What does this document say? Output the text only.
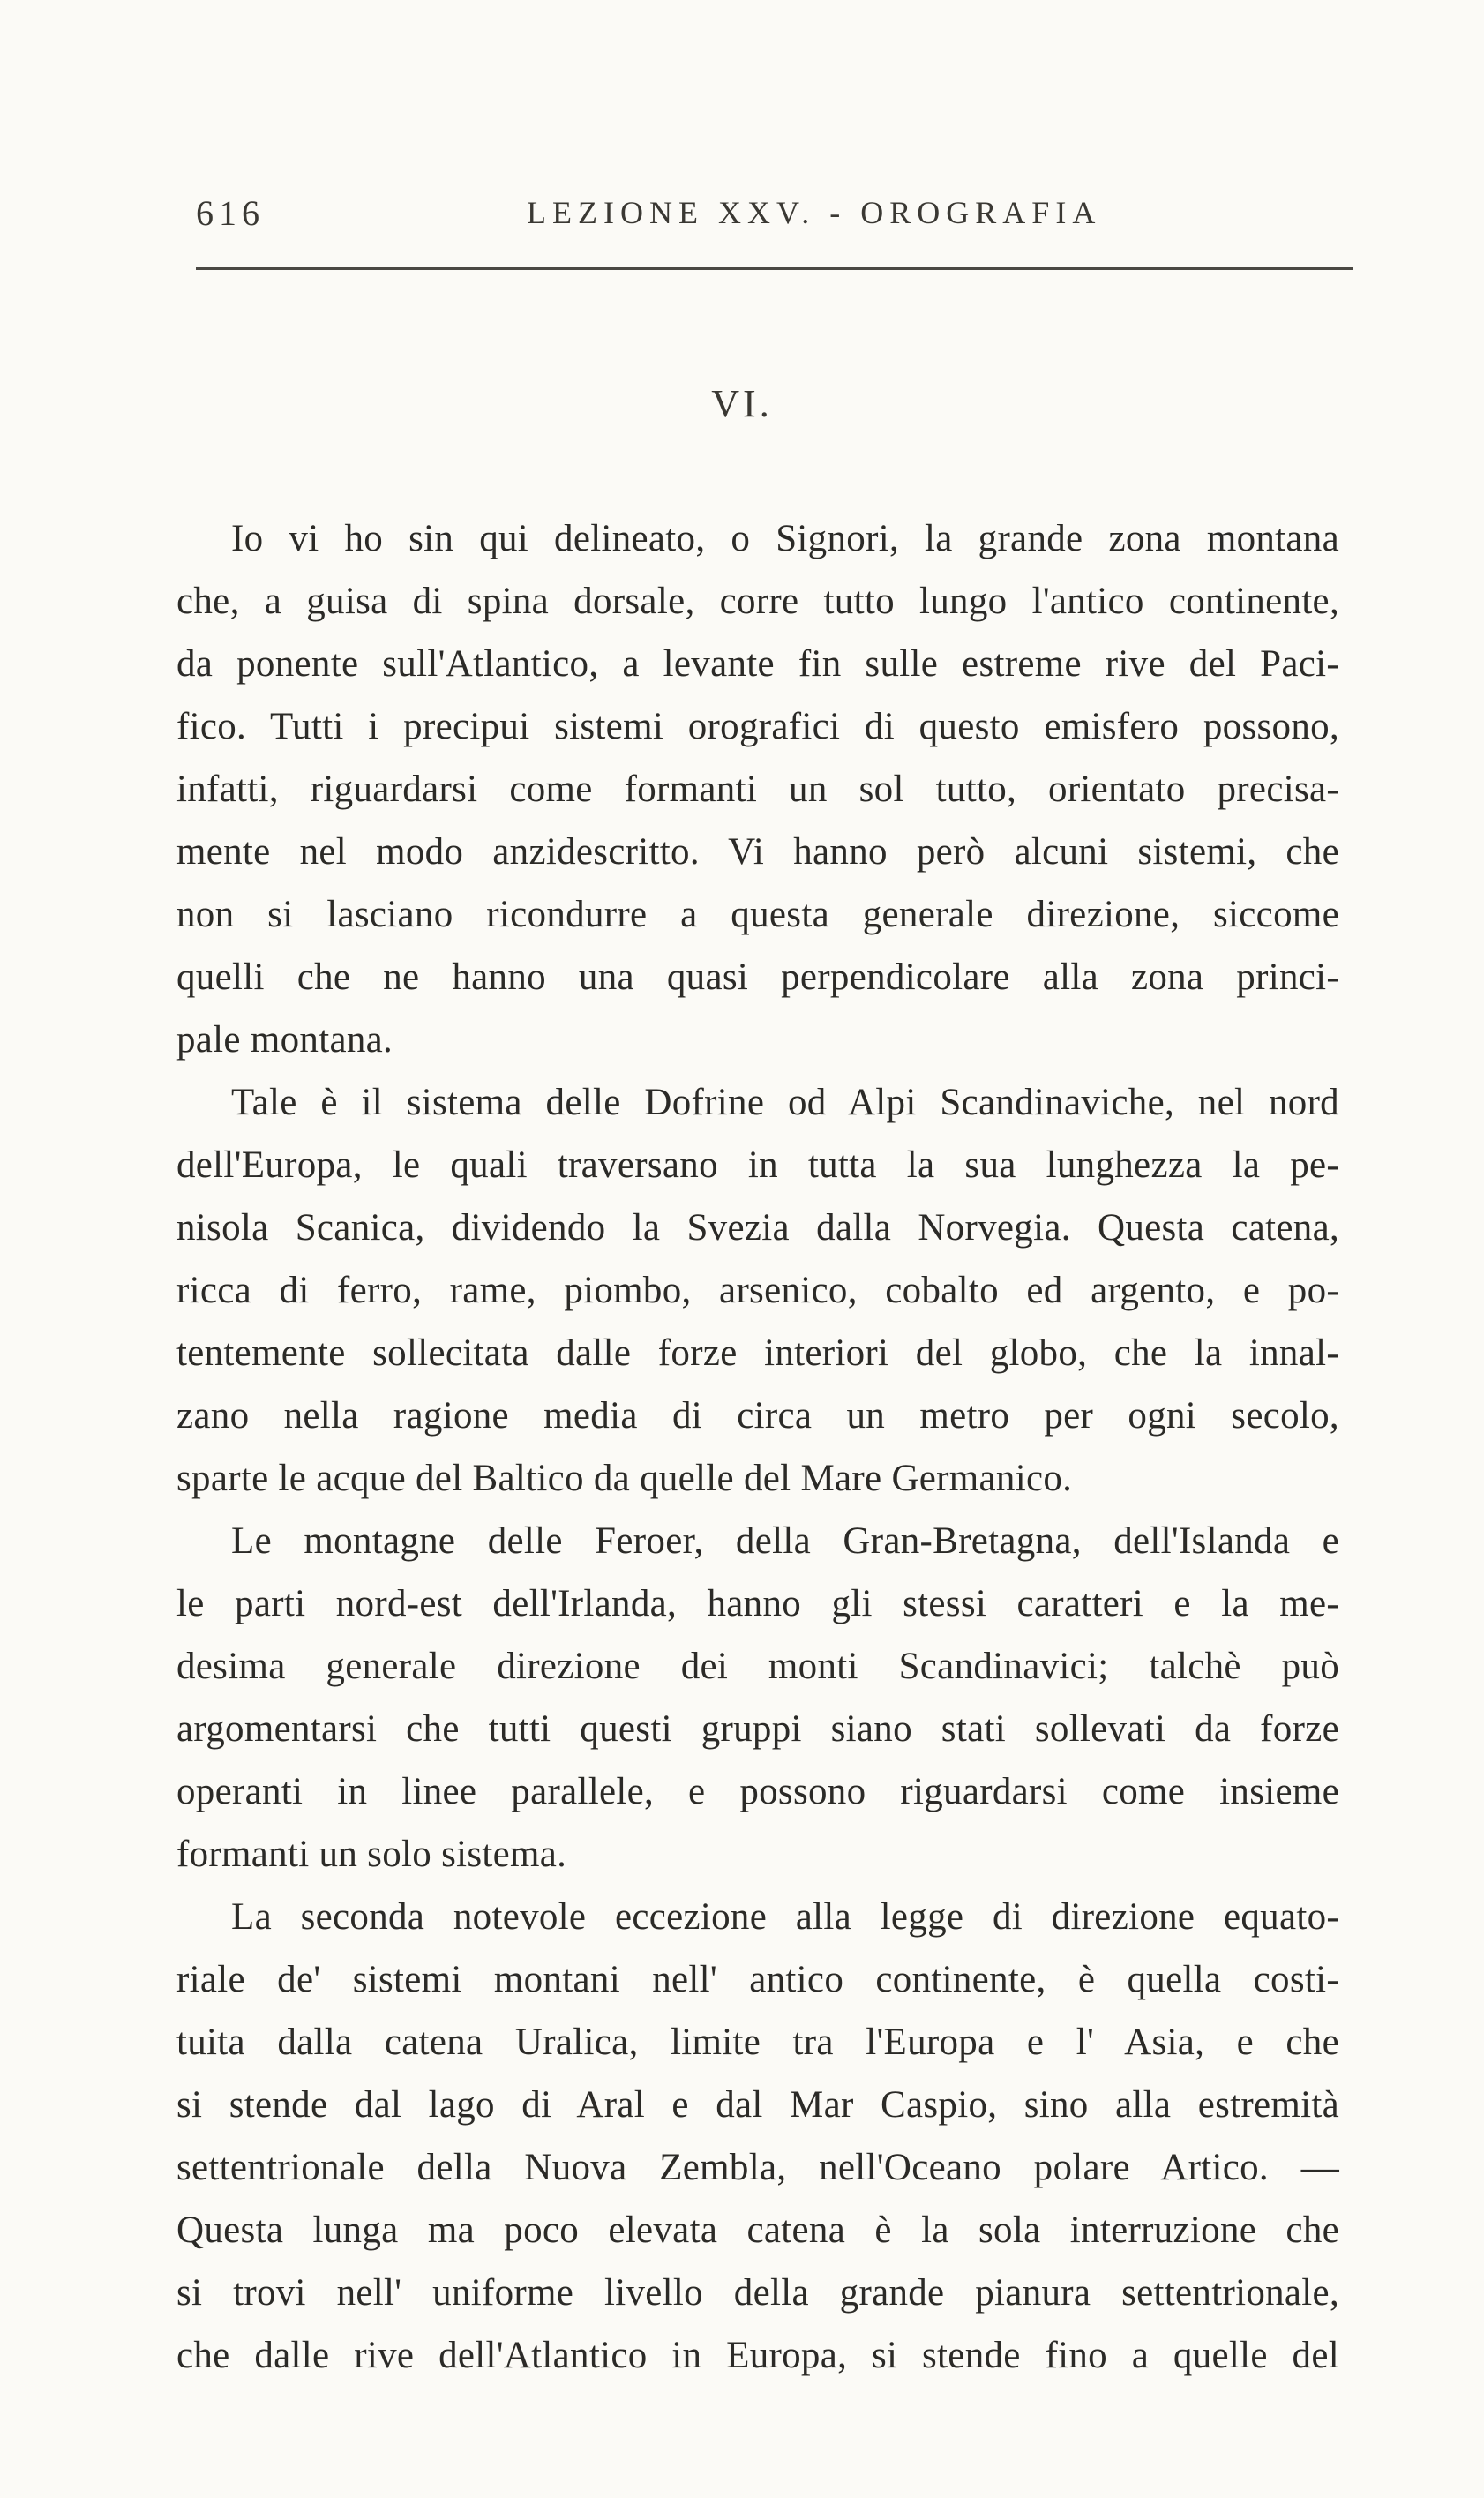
616	LEZIONE XXV. - OROGRAFIA
VI.
Io vi ho sin qui delineato, o Signori, la grande zona montana
che, a guisa di spina dorsale, corre tutto lungo l'antico continente,
da ponente sull'Atlantico, a levante fin sulle estreme rive del Paci-
fico. Tutti i precipui sistemi orografici di questo emisfero possono,
infatti, riguardarsi come formanti un sol tutto, orientato precisa-
mente nel modo anzidescritto. Vi hanno però alcuni sistemi, che
non si lasciano ricondurre a questa generale direzione, siccome
quelli che ne hanno una quasi perpendicolare alla zona princi-
pale montana.
Tale è il sistema delle Dofrine od Alpi Scandinaviche, nel nord
dell'Europa, le quali traversano in tutta la sua lunghezza la pe-
nisola Scanica, dividendo la Svezia dalla Norvegia. Questa catena,
ricca di ferro, rame, piombo, arsenico, cobalto ed argento, e po-
tentemente sollecitata dalle forze interiori del globo, che la innal-
zano nella ragione media di circa un metro per ogni secolo,
sparte le acque del Baltico da quelle del Mare Germanico.
Le montagne delle Feroer, della Gran-Bretagna, dell'Islanda e
le parti nord-est dell'Irlanda, hanno gli stessi caratteri e la me-
desima generale direzione dei monti Scandinavici; talchè può
argomentarsi che tutti questi gruppi siano stati sollevati da forze
operanti in linee parallele, e possono riguardarsi come insieme
formanti un solo sistema.
La seconda notevole eccezione alla legge di direzione equato-
riale de' sistemi montani nell' antico continente, è quella costi-
tuita dalla catena Uralica, limite tra l'Europa e l' Asia, e che
si stende dal lago di Aral e dal Mar Caspio, sino alla estremità
settentrionale della Nuova Zembla, nell'Oceano polare Artico. —
Questa lunga ma poco elevata catena è la sola interruzione che
si trovi nell' uniforme livello della grande pianura settentrionale,
che dalle rive dell'Atlantico in Europa, si stende fino a quelle del
